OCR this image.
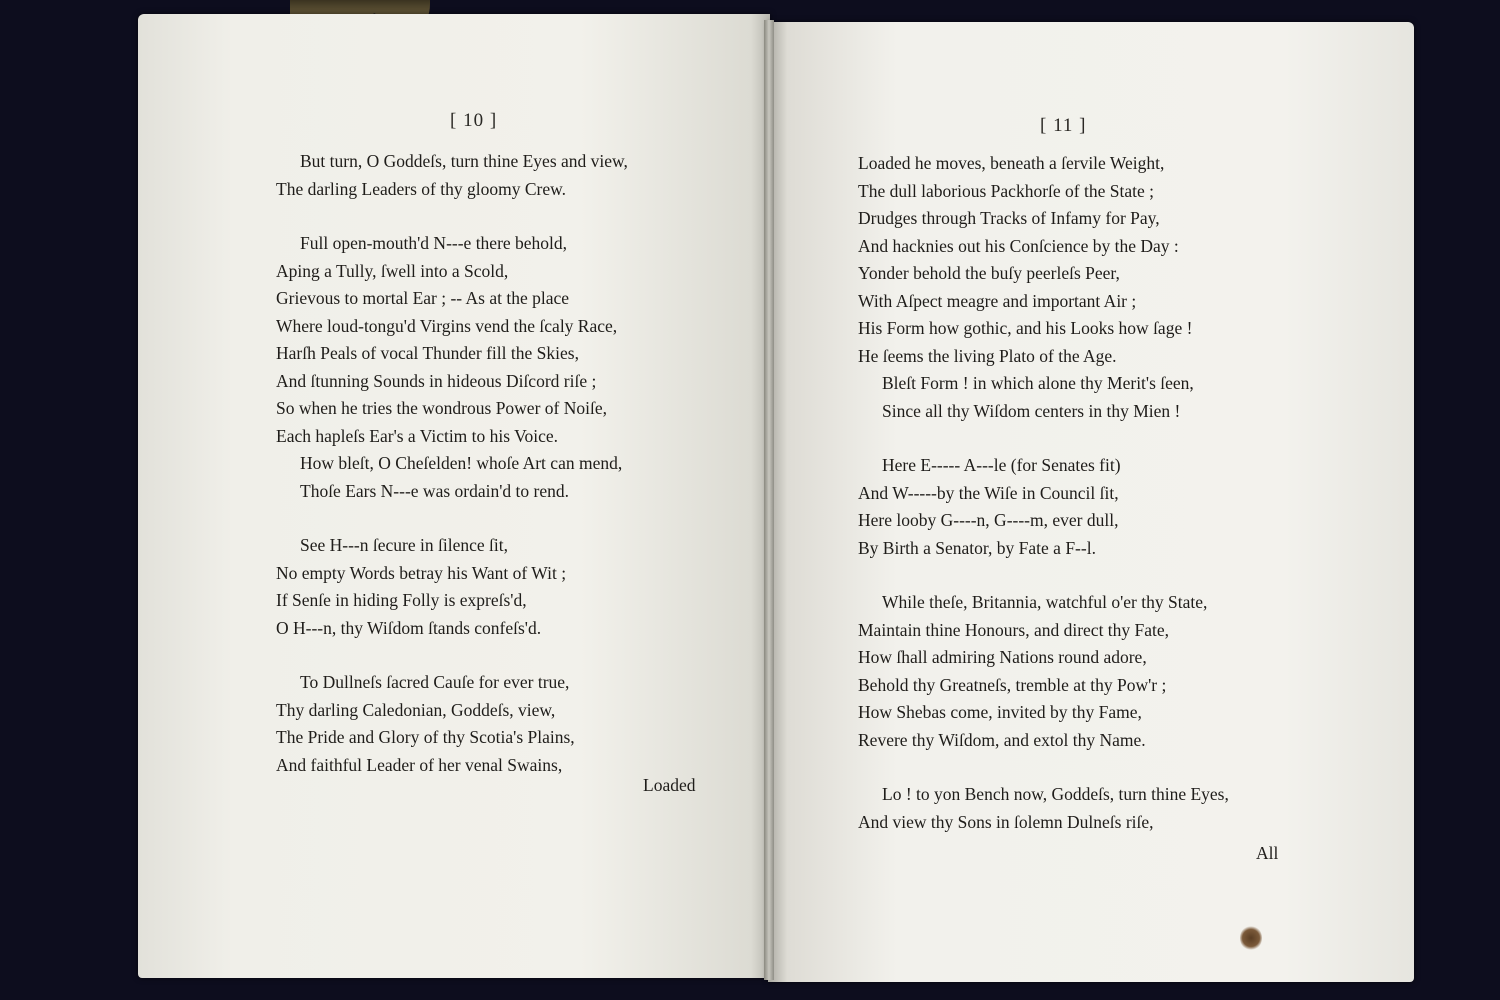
[ 10 ]	[ 11 ]
But turn, O Goddeſs, turn thine Eyes and view,
The darling Leaders of thy gloomy Crew.
Full open-mouth'd N---e there behold,
Aping a Tully, ſwell into a Scold,
Grievous to mortal Ear ; -- As at the place
Where loud-tongu'd Virgins vend the ſcaly Race,
Harſh Peals of vocal Thunder fill the Skies,
And ſtunning Sounds in hideous Diſcord riſe ;
So when he tries the wondrous Power of Noiſe,
Each hapleſs Ear's a Victim to his Voice.
How bleſt, O Cheſelden! whoſe Art can mend,
Thoſe Ears N---e was ordain'd to rend.
See H---n ſecure in ſilence ſit,
No empty Words betray his Want of Wit ;
If Senſe in hiding Folly is expreſs'd,
O H---n, thy Wiſdom ſtands confeſs'd.
To Dullneſs ſacred Cauſe for ever true,
Thy darling Caledonian, Goddeſs, view,
The Pride and Glory of thy Scotia's Plains,
And faithful Leader of her venal Swains,
Loaded he moves, beneath a ſervile Weight,
The dull laborious Packhorſe of the State ;
Drudges through Tracks of Infamy for Pay,
And hacknies out his Conſcience by the Day :
Yonder behold the buſy peerleſs Peer,
With Aſpect meagre and important Air ;
His Form how gothic, and his Looks how ſage !
He ſeems the living Plato of the Age.
Bleſt Form ! in which alone thy Merit's ſeen,
Since all thy Wiſdom centers in thy Mien !
Here E----- A---le (for Senates fit)
And W-----by the Wiſe in Council ſit,
Here looby G----n, G----m, ever dull,
By Birth a Senator, by Fate a F--l.
While theſe, Britannia, watchful o'er thy State,
Maintain thine Honours, and direct thy Fate,
How ſhall admiring Nations round adore,
Behold thy Greatneſs, tremble at thy Pow'r ;
How Shebas come, invited by thy Fame,
Revere thy Wiſdom, and extol thy Name.
Lo ! to yon Bench now, Goddeſs, turn thine Eyes,
And view thy Sons in ſolemn Dulneſs riſe,
Loaded
All
